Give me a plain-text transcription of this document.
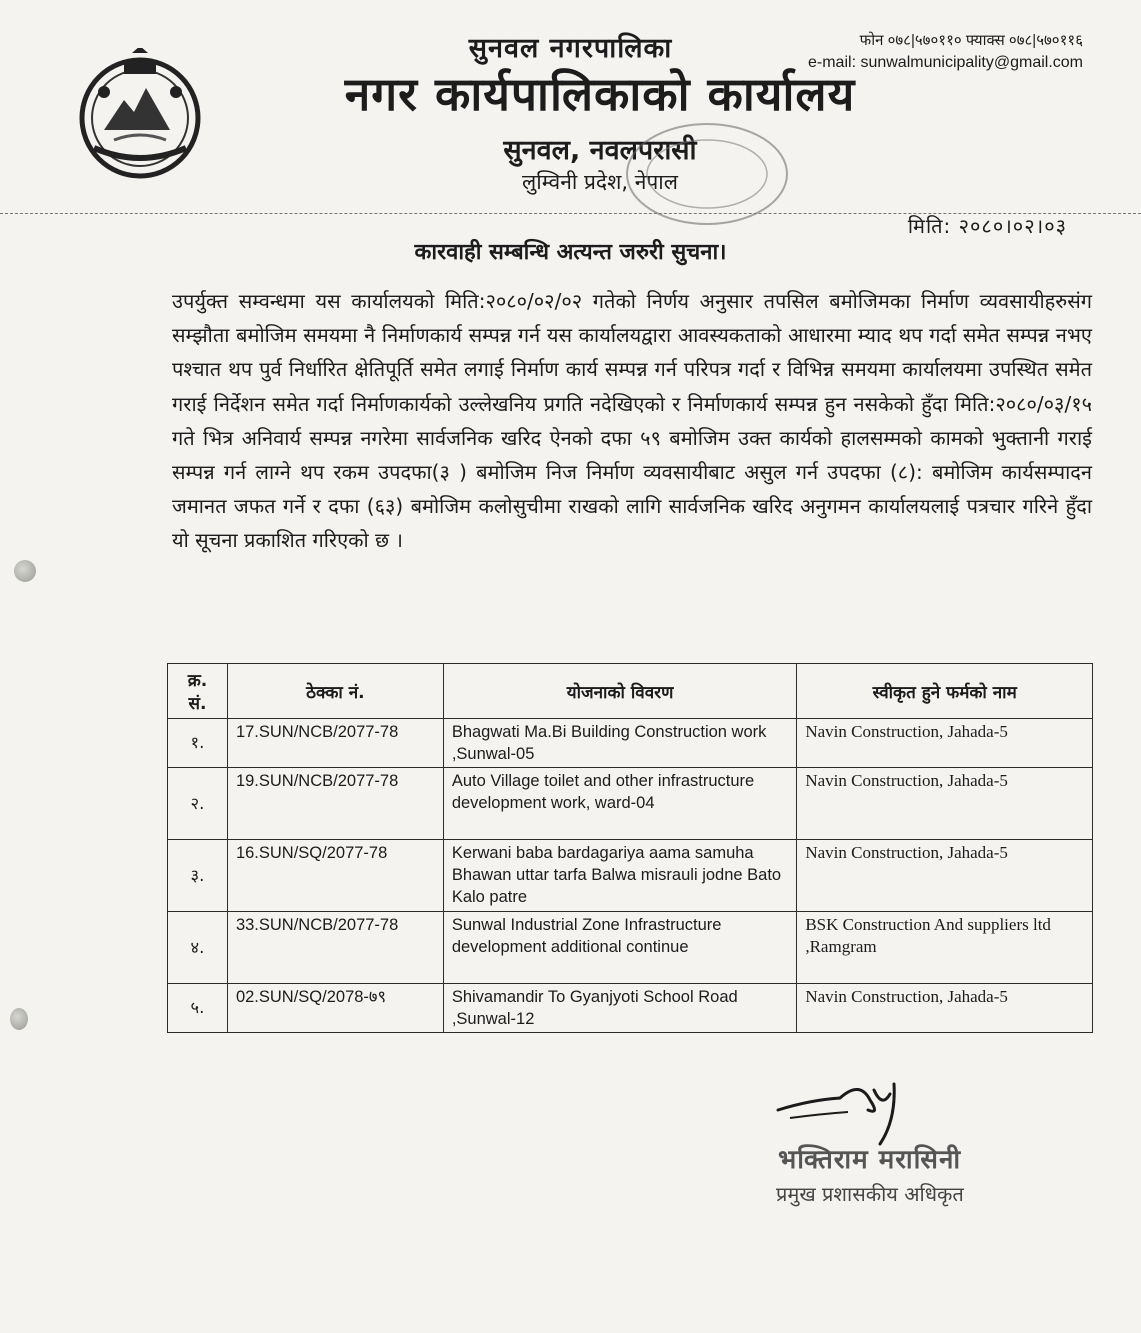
सुनवल नगरपालिका
नगर कार्यपालिकाको कार्यालय
सुनवल, नवलपरासी
लुम्विनी प्रदेश, नेपाल
फोन ०७८|५७०११० फ्याक्स ०७८|५७०११६
e-mail: sunwalmunicipality@gmail.com
मिति: २०८०।०२।०३
कारवाही सम्बन्धि अत्यन्त जरुरी सुचना।
उपर्युक्त सम्वन्धमा यस कार्यालयको मिति:२०८०/०२/०२ गतेको निर्णय अनुसार तपसिल बमोजिमका निर्माण व्यवसायीहरुसंग सम्झौता बमोजिम समयमा नै निर्माणकार्य सम्पन्न गर्न यस कार्यालयद्वारा आवस्यकताको आधारमा म्याद थप गर्दा समेत सम्पन्न नभए पश्चात थप पुर्व निर्धारित क्षेतिपूर्ति समेत लगाई निर्माण कार्य सम्पन्न गर्न परिपत्र गर्दा र विभिन्न समयमा कार्यालयमा उपस्थित समेत गराई निर्देशन समेत गर्दा निर्माणकार्यको उल्लेखनिय प्रगति नदेखिएको र निर्माणकार्य सम्पन्न हुन नसकेको हुँदा मिति:२०८०/०३/१५ गते भित्र अनिवार्य सम्पन्न नगरेमा सार्वजनिक खरिद ऐनको दफा ५९ बमोजिम उक्त कार्यको हालसम्मको कामको भुक्तानी गराई सम्पन्न गर्न लाग्ने थप रकम उपदफा(३ ) बमोजिम निज निर्माण व्यवसायीबाट असुल गर्न उपदफा (८): बमोजिम कार्यसम्पादन जमानत जफत गर्ने र दफा (६३) बमोजिम कलोसुचीमा राखको लागि सार्वजनिक खरिद अनुगमन कार्यालयलाई पत्रचार गरिने हुँदा यो सूचना प्रकाशित गरिएको छ ।
क्र. सं.	ठेक्का नं.	योजनाको विवरण	स्वीकृत हुने फर्मको नाम
१.	17.SUN/NCB/2077-78	Bhagwati Ma.Bi Building Construction work ,Sunwal-05	Navin Construction, Jahada-5
२.	19.SUN/NCB/2077-78	Auto Village toilet and other infrastructure development work, ward-04	Navin Construction, Jahada-5
३.	16.SUN/SQ/2077-78	Kerwani baba bardagariya aama samuha Bhawan uttar tarfa Balwa misrauli jodne Bato Kalo patre	Navin Construction, Jahada-5
४.	33.SUN/NCB/2077-78	Sunwal Industrial Zone Infrastructure development additional continue	BSK Construction And suppliers ltd ,Ramgram
५.	02.SUN/SQ/2078-७९	Shivamandir To Gyanjyoti School Road ,Sunwal-12	Navin Construction, Jahada-5
भक्तिराम मरासिनी
प्रमुख प्रशासकीय अधिकृत
